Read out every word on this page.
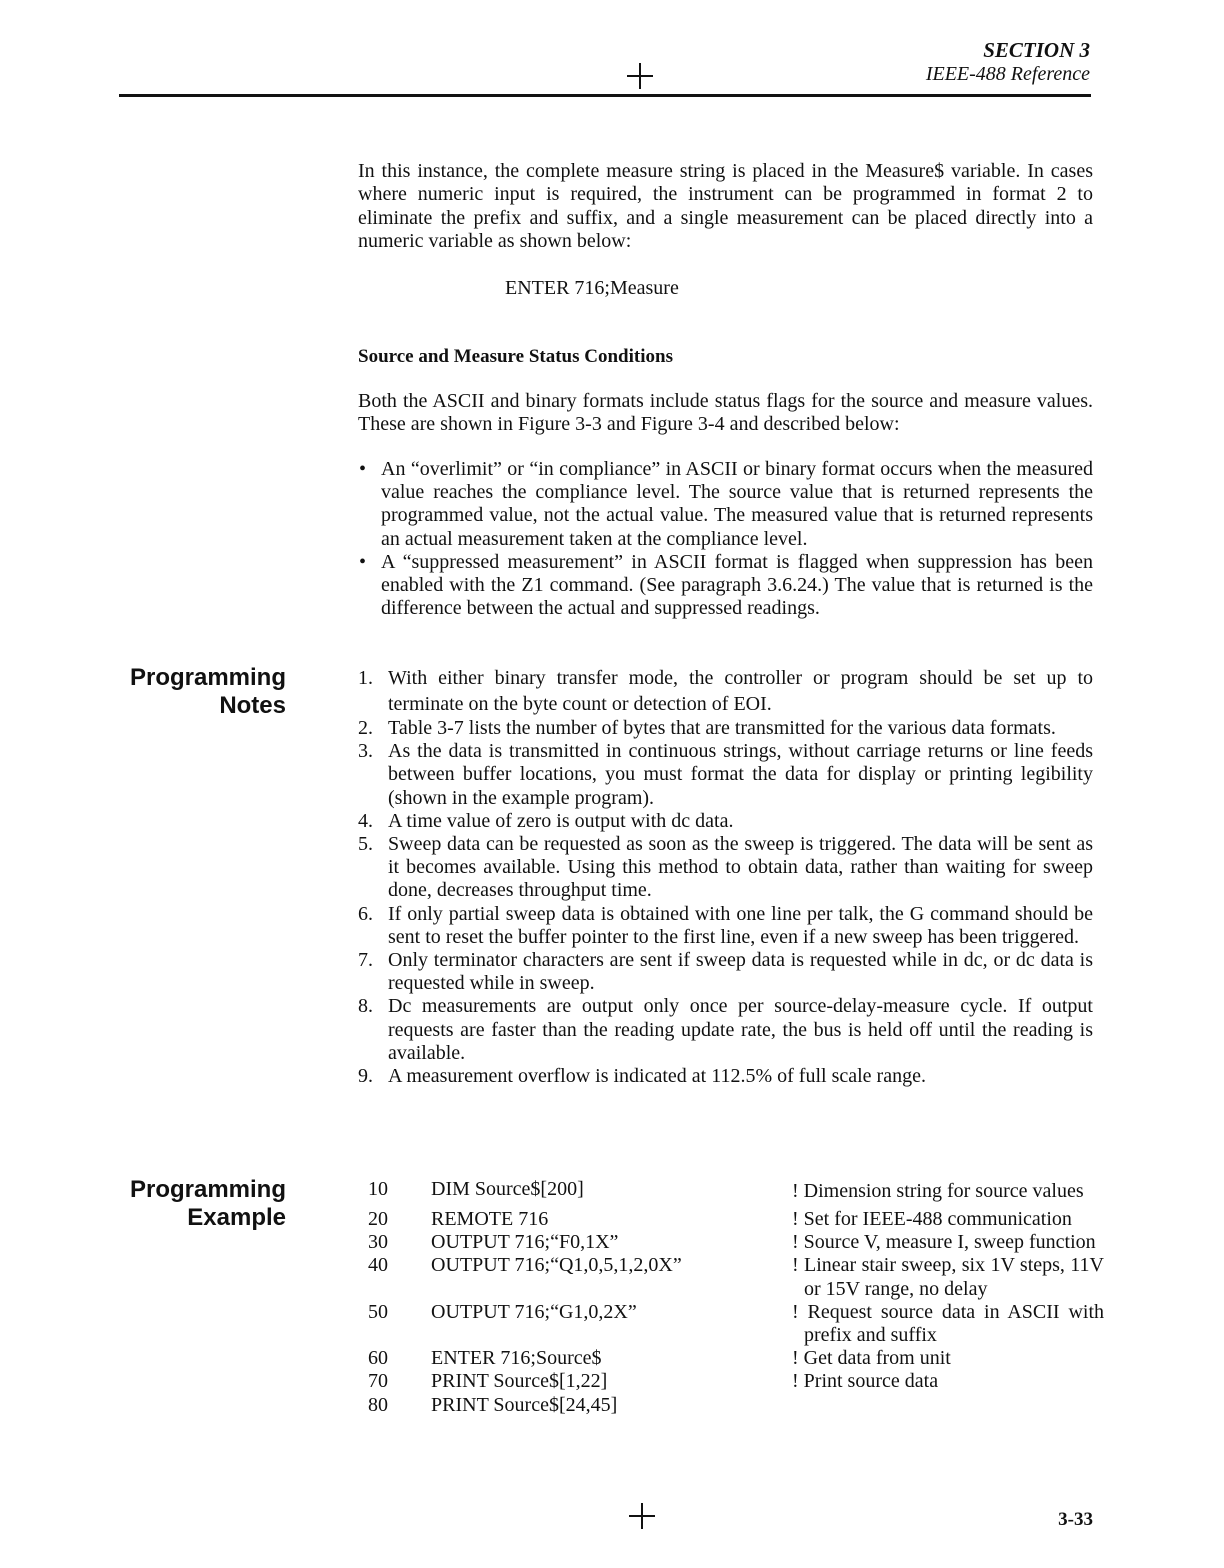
SECTION 3
IEEE-488 Reference
In this instance, the complete measure string is placed in the Measure$ variable. In cases where numeric input is required, the instrument can be programmed in format 2 to eliminate the prefix and suffix, and a single measurement can be placed directly into a numeric variable as shown below:
ENTER 716;Measure
Source and Measure Status Conditions
Both the ASCII and binary formats include status flags for the source and measure values. These are shown in Figure 3-3 and Figure 3-4 and described below:
• An “overlimit” or “in compliance” in ASCII or binary format occurs when the measured value reaches the compliance level. The source value that is returned represents the programmed value, not the actual value. The measured value that is returned represents an actual measurement taken at the compliance level.
• A “suppressed measurement” in ASCII format is flagged when suppression has been enabled with the Z1 command. (See paragraph 3.6.24.) The value that is returned is the difference between the actual and suppressed readings.
Programming
Notes
1. With either binary transfer mode, the controller or program should be set up to terminate on the byte count or detection of EOI.
2. Table 3-7 lists the number of bytes that are transmitted for the various data formats.
3. As the data is transmitted in continuous strings, without carriage returns or line feeds between buffer locations, you must format the data for display or printing legibility (shown in the example program).
4. A time value of zero is output with dc data.
5. Sweep data can be requested as soon as the sweep is triggered. The data will be sent as it becomes available. Using this method to obtain data, rather than waiting for sweep done, decreases throughput time.
6. If only partial sweep data is obtained with one line per talk, the G command should be sent to reset the buffer pointer to the first line, even if a new sweep has been triggered.
7. Only terminator characters are sent if sweep data is requested while in dc, or dc data is requested while in sweep.
8. Dc measurements are output only once per source-delay-measure cycle. If output requests are faster than the reading update rate, the bus is held off until the reading is available.
9. A measurement overflow is indicated at 112.5% of full scale range.
Programming
Example
10 DIM Source$[200]	! Dimension string for source values
20 REMOTE 716	! Set for IEEE-488 communication
30 OUTPUT 716;“F0,1X”	! Source V, measure I, sweep function
40 OUTPUT 716;“Q1,0,5,1,2,0X”	! Linear stair sweep, six 1V steps, 11V or 15V range, no delay
50 OUTPUT 716;“G1,0,2X”	! Request source data in ASCII with prefix and suffix
60 ENTER 716;Source$	! Get data from unit
70 PRINT Source$[1,22]	! Print source data
80 PRINT Source$[24,45]
3-33
